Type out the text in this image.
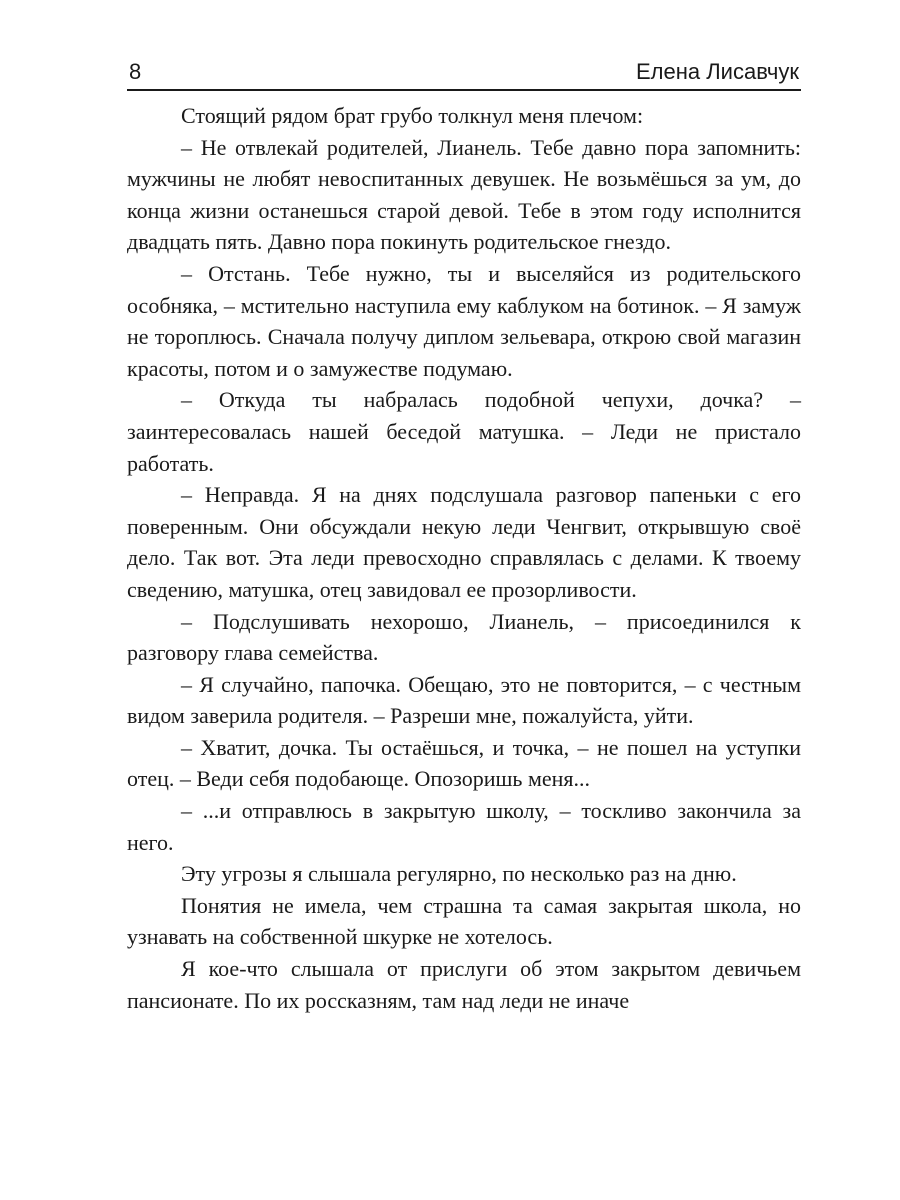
8	Елена Лисавчук

Стоящий рядом брат грубо толкнул меня плечом:

– Не отвлекай родителей, Лианель. Тебе давно пора запомнить: мужчины не любят невоспитанных девушек. Не возьмёшься за ум, до конца жизни останешься старой девой. Тебе в этом году исполнится двадцать пять. Давно пора покинуть родительское гнездо.

– Отстань. Тебе нужно, ты и выселяйся из родительского особняка, – мстительно наступила ему каблуком на ботинок. – Я замуж не тороплюсь. Сначала получу диплом зельевара, открою свой магазин красоты, потом и о замужестве подумаю.

– Откуда ты набралась подобной чепухи, дочка? – заинтересовалась нашей беседой матушка. – Леди не пристало работать.

– Неправда. Я на днях подслушала разговор папеньки с его поверенным. Они обсуждали некую леди Ченгвит, открывшую своё дело. Так вот. Эта леди превосходно справлялась с делами. К твоему сведению, матушка, отец завидовал ее прозорливости.

– Подслушивать нехорошо, Лианель, – присоединился к разговору глава семейства.

– Я случайно, папочка. Обещаю, это не повторится, – с честным видом заверила родителя. – Разреши мне, пожалуйста, уйти.

– Хватит, дочка. Ты остаёшься, и точка, – не пошел на уступки отец. – Веди себя подобающе. Опозоришь меня...

– ...и отправлюсь в закрытую школу, – тоскливо закончила за него.

Эту угрозы я слышала регулярно, по несколько раз на дню.

Понятия не имела, чем страшна та самая закрытая школа, но узнавать на собственной шкурке не хотелось.

Я кое-что слышала от прислуги об этом закрытом девичьем пансионате. По их россказням, там над леди не иначе
